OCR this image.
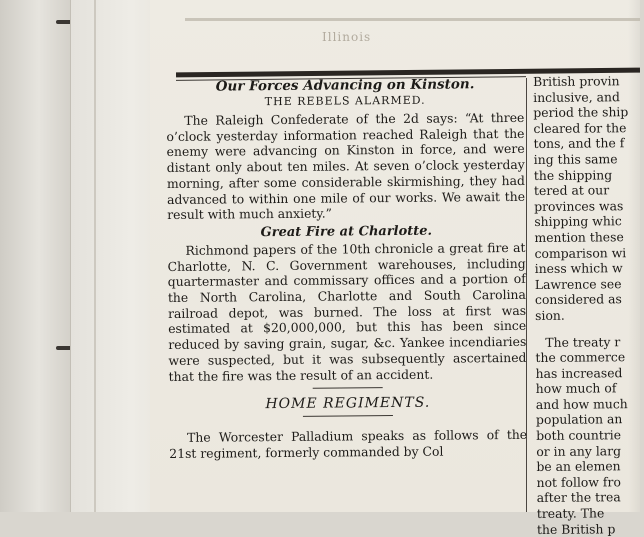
Illinois
Our Forces Advancing on Kinston.
THE REBELS ALARMED.

The Raleigh Confederate of the 2d says: “At three o’clock yesterday information reached Raleigh that the enemy were advancing on Kinston in force, and were distant only about ten miles. At seven o’clock yesterday morning, after some considerable skirmishing, they had advanced to within one mile of our works. We await the result with much anxiety.”

Great Fire at Charlotte.

Richmond papers of the 10th chronicle a great fire at Charlotte, N. C. Government warehouses, including quartermaster and commissary offices and a portion of the North Carolina, Charlotte and South Carolina railroad depot, was burned. The loss at first was estimated at $20,000,000, but this has been since reduced by saving grain, sugar, &c. Yankee incendiaries were suspected, but it was subsequently ascertained that the fire was the result of an accident.

HOME REGIMENTS.

The Worcester Palladium speaks as follows of the 21st regiment, formerly commanded by Col

British provin
inclusive, and
period the ship
cleared for the
tons, and the f
ing this same
the shipping
tered at our
provinces was
shipping whic
mention these
comparison wi
iness which w
Lawrence see
considered as
sion.
The treaty r
the commerce
has increased
how much of
and how much
population an
both countrie
or in any larg
be an elemen
not follow fro
after the trea
treaty. The
the British p
